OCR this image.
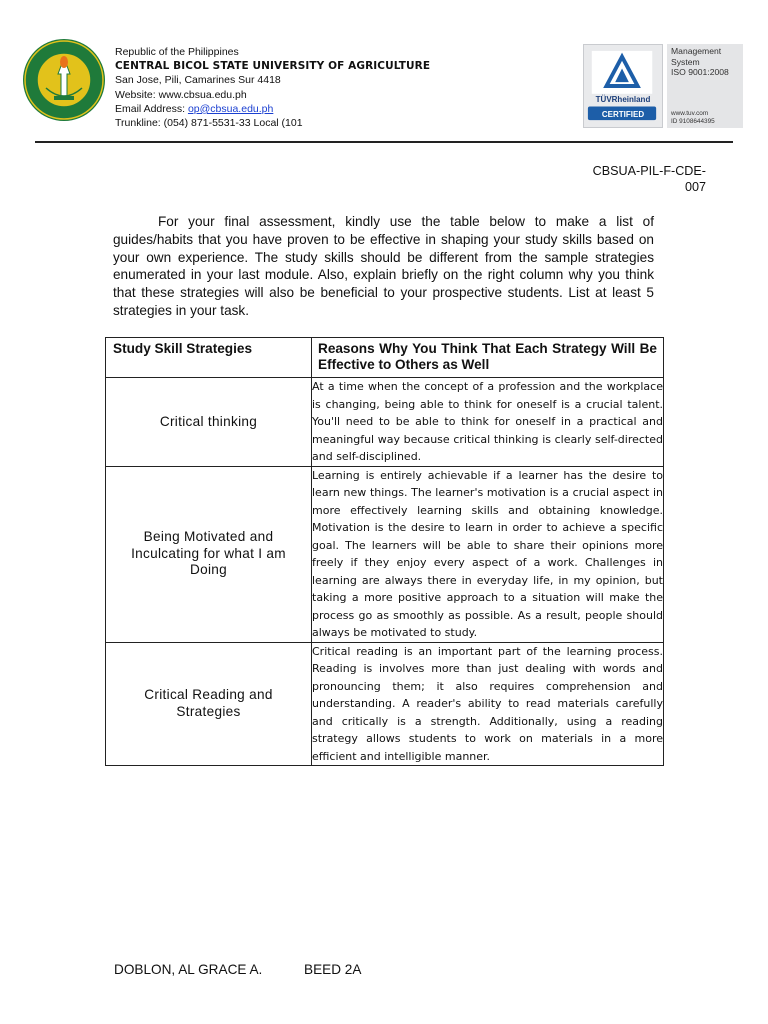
Republic of the Philippines
CENTRAL BICOL STATE UNIVERSITY OF AGRICULTURE
San Jose, Pili, Camarines Sur 4418
Website: www.cbsua.edu.ph
Email Address: op@cbsua.edu.ph
Trunkline: (054) 871-5531-33 Local (101
TÜVRheinland
CERTIFIED
Management
System
ISO 9001:2008
www.tuv.com
ID 9108644395
CBSUA-PIL-F-CDE-
007

For your final assessment, kindly use the table below to make a list of guides/habits that you have proven to be effective in shaping your study skills based on your own experience. The study skills should be different from the sample strategies enumerated in your last module. Also, explain briefly on the right column why you think that these strategies will also be beneficial to your prospective students. List at least 5 strategies in your task.

Study Skill Strategies	Reasons Why You Think That Each Strategy Will Be Effective to Others as Well
Critical thinking	At a time when the concept of a profession and the workplace is changing, being able to think for oneself is a crucial talent. You'll need to be able to think for oneself in a practical and meaningful way because critical thinking is clearly self-directed and self-disciplined.
Being Motivated and Inculcating for what I am Doing	Learning is entirely achievable if a learner has the desire to learn new things. The learner's motivation is a crucial aspect in more effectively learning skills and obtaining knowledge. Motivation is the desire to learn in order to achieve a specific goal. The learners will be able to share their opinions more freely if they enjoy every aspect of a work. Challenges in learning are always there in everyday life, in my opinion, but taking a more positive approach to a situation will make the process go as smoothly as possible. As a result, people should always be motivated to study.
Critical Reading and Strategies	Critical reading is an important part of the learning process. Reading is involves more than just dealing with words and pronouncing them; it also requires comprehension and understanding. A reader's ability to read materials carefully and critically is a strength. Additionally, using a reading strategy allows students to work on materials in a more efficient and intelligible manner.
DOBLON, AL GRACE A.	BEED 2A
